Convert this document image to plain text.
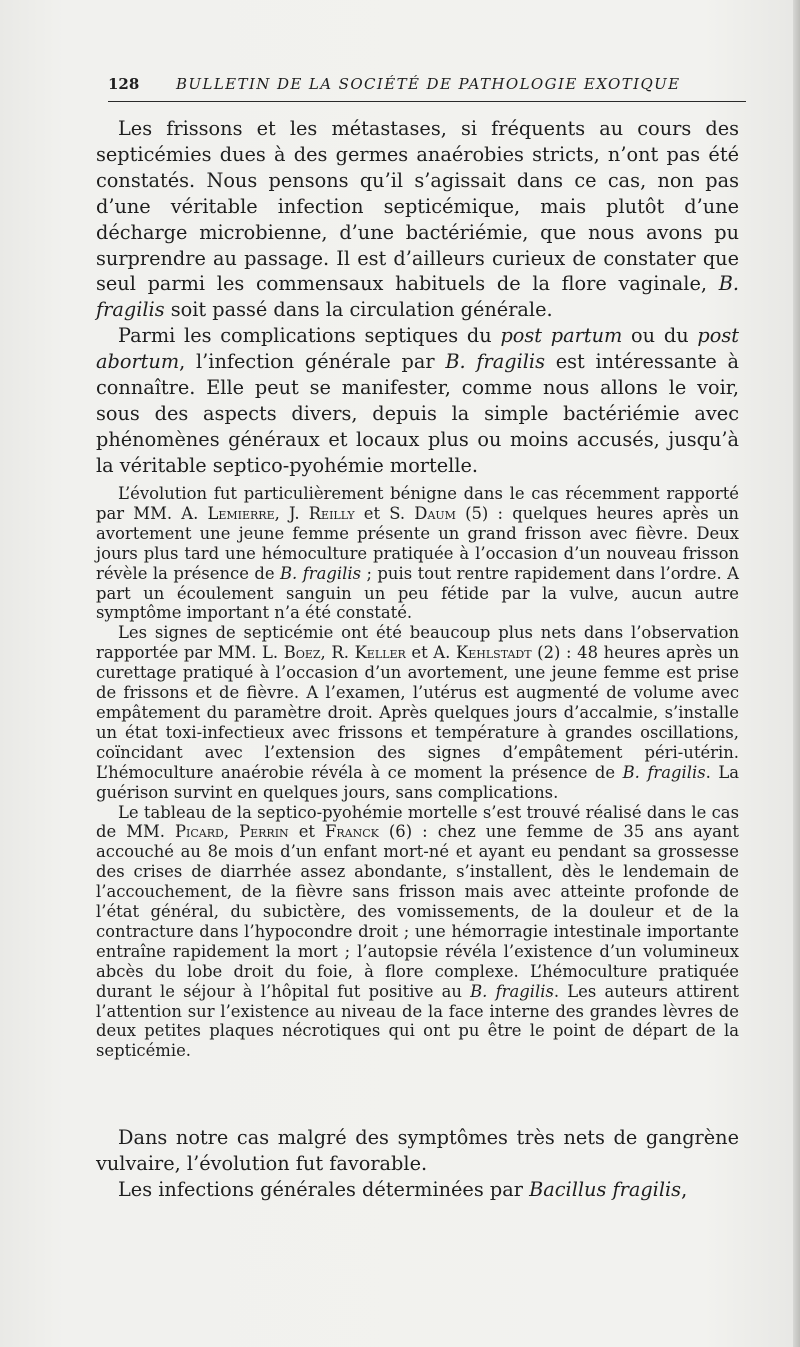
128 BULLETIN DE LA SOCIÉTÉ DE PATHOLOGIE EXOTIQUE

Les frissons et les métastases, si fréquents au cours des septicémies dues à des germes anaérobies stricts, n’ont pas été constatés. Nous pensons qu’il s’agissait dans ce cas, non pas d’une véritable infection septicémique, mais plutôt d’une décharge microbienne, d’une bactériémie, que nous avons pu surprendre au passage. Il est d’ailleurs curieux de constater que seul parmi les commensaux habituels de la flore vaginale, B. fragilis soit passé dans la circulation générale.

Parmi les complications septiques du post partum ou du post abortum, l’infection générale par B. fragilis est intéressante à connaître. Elle peut se manifester, comme nous allons le voir, sous des aspects divers, depuis la simple bactériémie avec phénomènes généraux et locaux plus ou moins accusés, jusqu’à la véritable septico-pyohémie mortelle.

L’évolution fut particulièrement bénigne dans le cas récemment rapporté par MM. A. Lemierre, J. Reilly et S. Daum (5) : quelques heures après un avortement une jeune femme présente un grand frisson avec fièvre. Deux jours plus tard une hémoculture pratiquée à l’occasion d’un nouveau frisson révèle la présence de B. fragilis ; puis tout rentre rapidement dans l’ordre. A part un écoulement sanguin un peu fétide par la vulve, aucun autre symptôme important n’a été constaté.

Les signes de septicémie ont été beaucoup plus nets dans l’observation rapportée par MM. L. Boez, R. Keller et A. Kehlstadt (2) : 48 heures après un curettage pratiqué à l’occasion d’un avortement, une jeune femme est prise de frissons et de fièvre. A l’examen, l’utérus est augmenté de volume avec empâtement du paramètre droit. Après quelques jours d’accalmie, s’installe un état toxi-infectieux avec frissons et température à grandes oscillations, coïncidant avec l’extension des signes d’empâtement péri-utérin. L’hémoculture anaérobie révéla à ce moment la présence de B. fragilis. La guérison survint en quelques jours, sans complications.

Le tableau de la septico-pyohémie mortelle s’est trouvé réalisé dans le cas de MM. Picard, Perrin et Franck (6) : chez une femme de 35 ans ayant accouché au 8e mois d’un enfant mort-né et ayant eu pendant sa grossesse des crises de diarrhée assez abondante, s’installent, dès le lendemain de l’accouchement, de la fièvre sans frisson mais avec atteinte profonde de l’état général, du subictère, des vomissements, de la douleur et de la contracture dans l’hypocondre droit ; une hémorragie intestinale importante entraîne rapidement la mort ; l’autopsie révéla l’existence d’un volumineux abcès du lobe droit du foie, à flore complexe. L’hémoculture pratiquée durant le séjour à l’hôpital fut positive au B. fragilis. Les auteurs attirent l’attention sur l’existence au niveau de la face interne des grandes lèvres de deux petites plaques nécrotiques qui ont pu être le point de départ de la septicémie.

Dans notre cas malgré des symptômes très nets de gangrène vulvaire, l’évolution fut favorable.

Les infections générales déterminées par Bacillus fragilis,
